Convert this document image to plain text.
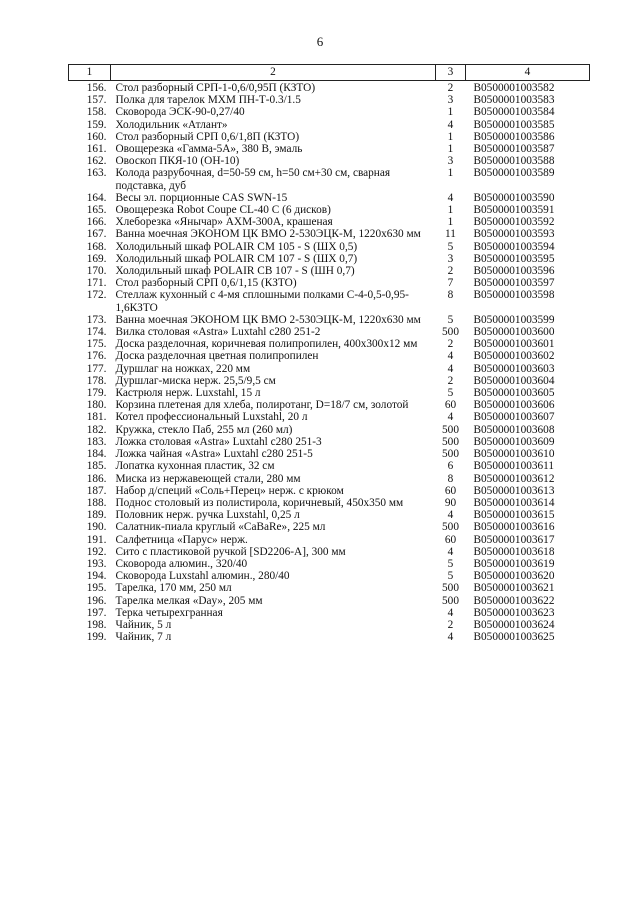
6
1	2	3	4
156.	Стол разборный СРП-1-0,6/0,95П (КЗТО)	2	B0500001003582
157.	Полка для тарелок МХМ ПН-Т-0.3/1.5	3	B0500001003583
158.	Сковорода ЭСК-90-0,27/40	1	B0500001003584
159.	Холодильник «Атлант»	4	B0500001003585
160.	Стол разборный СРП 0,6/1,8П (КЗТО)	1	B0500001003586
161.	Овощерезка «Гамма-5А», 380 В, эмаль	1	B0500001003587
162.	Овоскоп ПКЯ-10 (ОН-10)	3	B0500001003588
163.	Колода разрубочная, d=50-59 см, h=50 см+30 см, сварная подставка, дуб	1	B0500001003589
164.	Весы эл. порционные CAS SWN-15	4	B0500001003590
165.	Овощерезка Robot Coupe CL-40 C (6 дисков)	1	B0500001003591
166.	Хлеборезка «Янычар» АХМ-300А, крашеная	1	B0500001003592
167.	Ванна моечная ЭКОНОМ ЦК ВМО 2-530ЭЦК-М, 1220х630 мм	11	B0500001003593
168.	Холодильный шкаф POLAIR CM 105 - S (ШХ 0,5)	5	B0500001003594
169.	Холодильный шкаф POLAIR CM 107 - S (ШХ 0,7)	3	B0500001003595
170.	Холодильный шкаф POLAIR CB 107 - S (ШН 0,7)	2	B0500001003596
171.	Стол разборный СРП 0,6/1,15 (КЗТО)	7	B0500001003597
172.	Стеллаж кухонный с 4-мя сплошными полками С-4-0,5-0,95-1,6КЗТО	8	B0500001003598
173.	Ванна моечная ЭКОНОМ ЦК ВМО 2-530ЭЦК-М, 1220х630 мм	5	B0500001003599
174.	Вилка столовая «Astra» Luxtahl c280 251-2	500	B0500001003600
175.	Доска разделочная, коричневая полипропилен, 400х300х12 мм	2	B0500001003601
176.	Доска разделочная цветная полипропилен	4	B0500001003602
177.	Дуршлаг на ножках, 220 мм	4	B0500001003603
178.	Дуршлаг-миска нерж. 25,5/9,5 см	2	B0500001003604
179.	Кастрюля нерж. Luxstahl, 15 л	5	B0500001003605
180.	Корзина плетеная для хлеба, полиротанг, D=18/7 см, золотой	60	B0500001003606
181.	Котел профессиональный Luxstahl, 20 л	4	B0500001003607
182.	Кружка, стекло Паб, 255 мл (260 мл)	500	B0500001003608
183.	Ложка столовая «Astra» Luxtahl c280 251-3	500	B0500001003609
184.	Ложка чайная «Astra» Luxtahl c280 251-5	500	B0500001003610
185.	Лопатка кухонная пластик, 32 см	6	B0500001003611
186.	Миска из нержавеющей стали, 280 мм	8	B0500001003612
187.	Набор д/специй «Соль+Перец» нерж. с крюком	60	B0500001003613
188.	Поднос столовый из полистирола, коричневый, 450х350 мм	90	B0500001003614
189.	Половник нерж. ручка Luxstahl, 0,25 л	4	B0500001003615
190.	Салатник-пиала круглый «CaBaRe», 225 мл	500	B0500001003616
191.	Салфетница «Парус» нерж.	60	B0500001003617
192.	Сито с пластиковой ручкой [SD2206-A], 300 мм	4	B0500001003618
193.	Сковорода алюмин., 320/40	5	B0500001003619
194.	Сковорода Luxstahl алюмин., 280/40	5	B0500001003620
195.	Тарелка, 170 мм, 250 мл	500	B0500001003621
196.	Тарелка мелкая «Day», 205 мм	500	B0500001003622
197.	Терка четырехгранная	4	B0500001003623
198.	Чайник, 5 л	2	B0500001003624
199.	Чайник, 7 л	4	B0500001003625
